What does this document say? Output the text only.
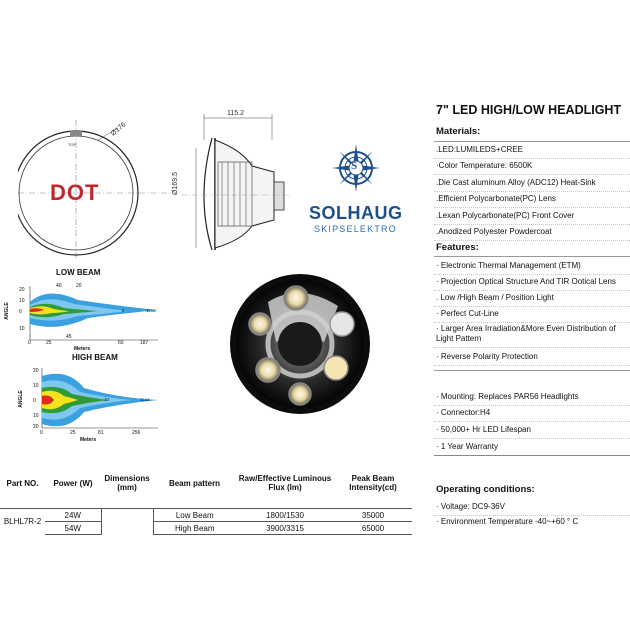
Ø176
TOP
DOT
115.2
Ø169.5
S
SOLHAUG
SKIPSELEKTRO
LOW BEAM
ANGLE
20
10
0
10
40	20
0	25
45
60	187
Meters
1Lux
5
HIGH BEAM
ANGLE
20
10
0
10
20
0	25	81	256
Meters
1Lux
10
7" LED HIGH/LOW HEADLIGHT
Materials:
.LED:LUMILEDS+CREE
·Color Temperature: 6500K
.Die Cast aluminum Alloy (ADC12) Heat-Sink
.Efficient Polycarbonate(PC) Lens
.Lexan Polycarbonate(PC) Front Cover
.Anodized Polyester Powdercoat
Features:
· Electronic Thermal Management (ETM)
· Projection Optical Structure And TIR Ootical Lens
. Low /High Beam / Position Light
· Perfect Cut-Line
· Larger Area Irradiation&More Even Distribution of Light Pattern
· Reverse Polarity Protection
· Mounting: Replaces PAR56 Headlights
· Connector:H4
· 50,000+ Hr LED Lifespan
· 1 Year Warranty
Operating conditions:
· Voltage: DC9-36V
· Environment Temperature -40~+60 ° C
Part NO.	Power (W)	Dimensions (mm)	Beam pattern	Raw/Effective Luminous Flux (lm)	Peak Beam Intensity(cd)
BLHL7R-2	24W		Low Beam	1800/1530	35000
	54W		High Beam	3900/3315	65000
